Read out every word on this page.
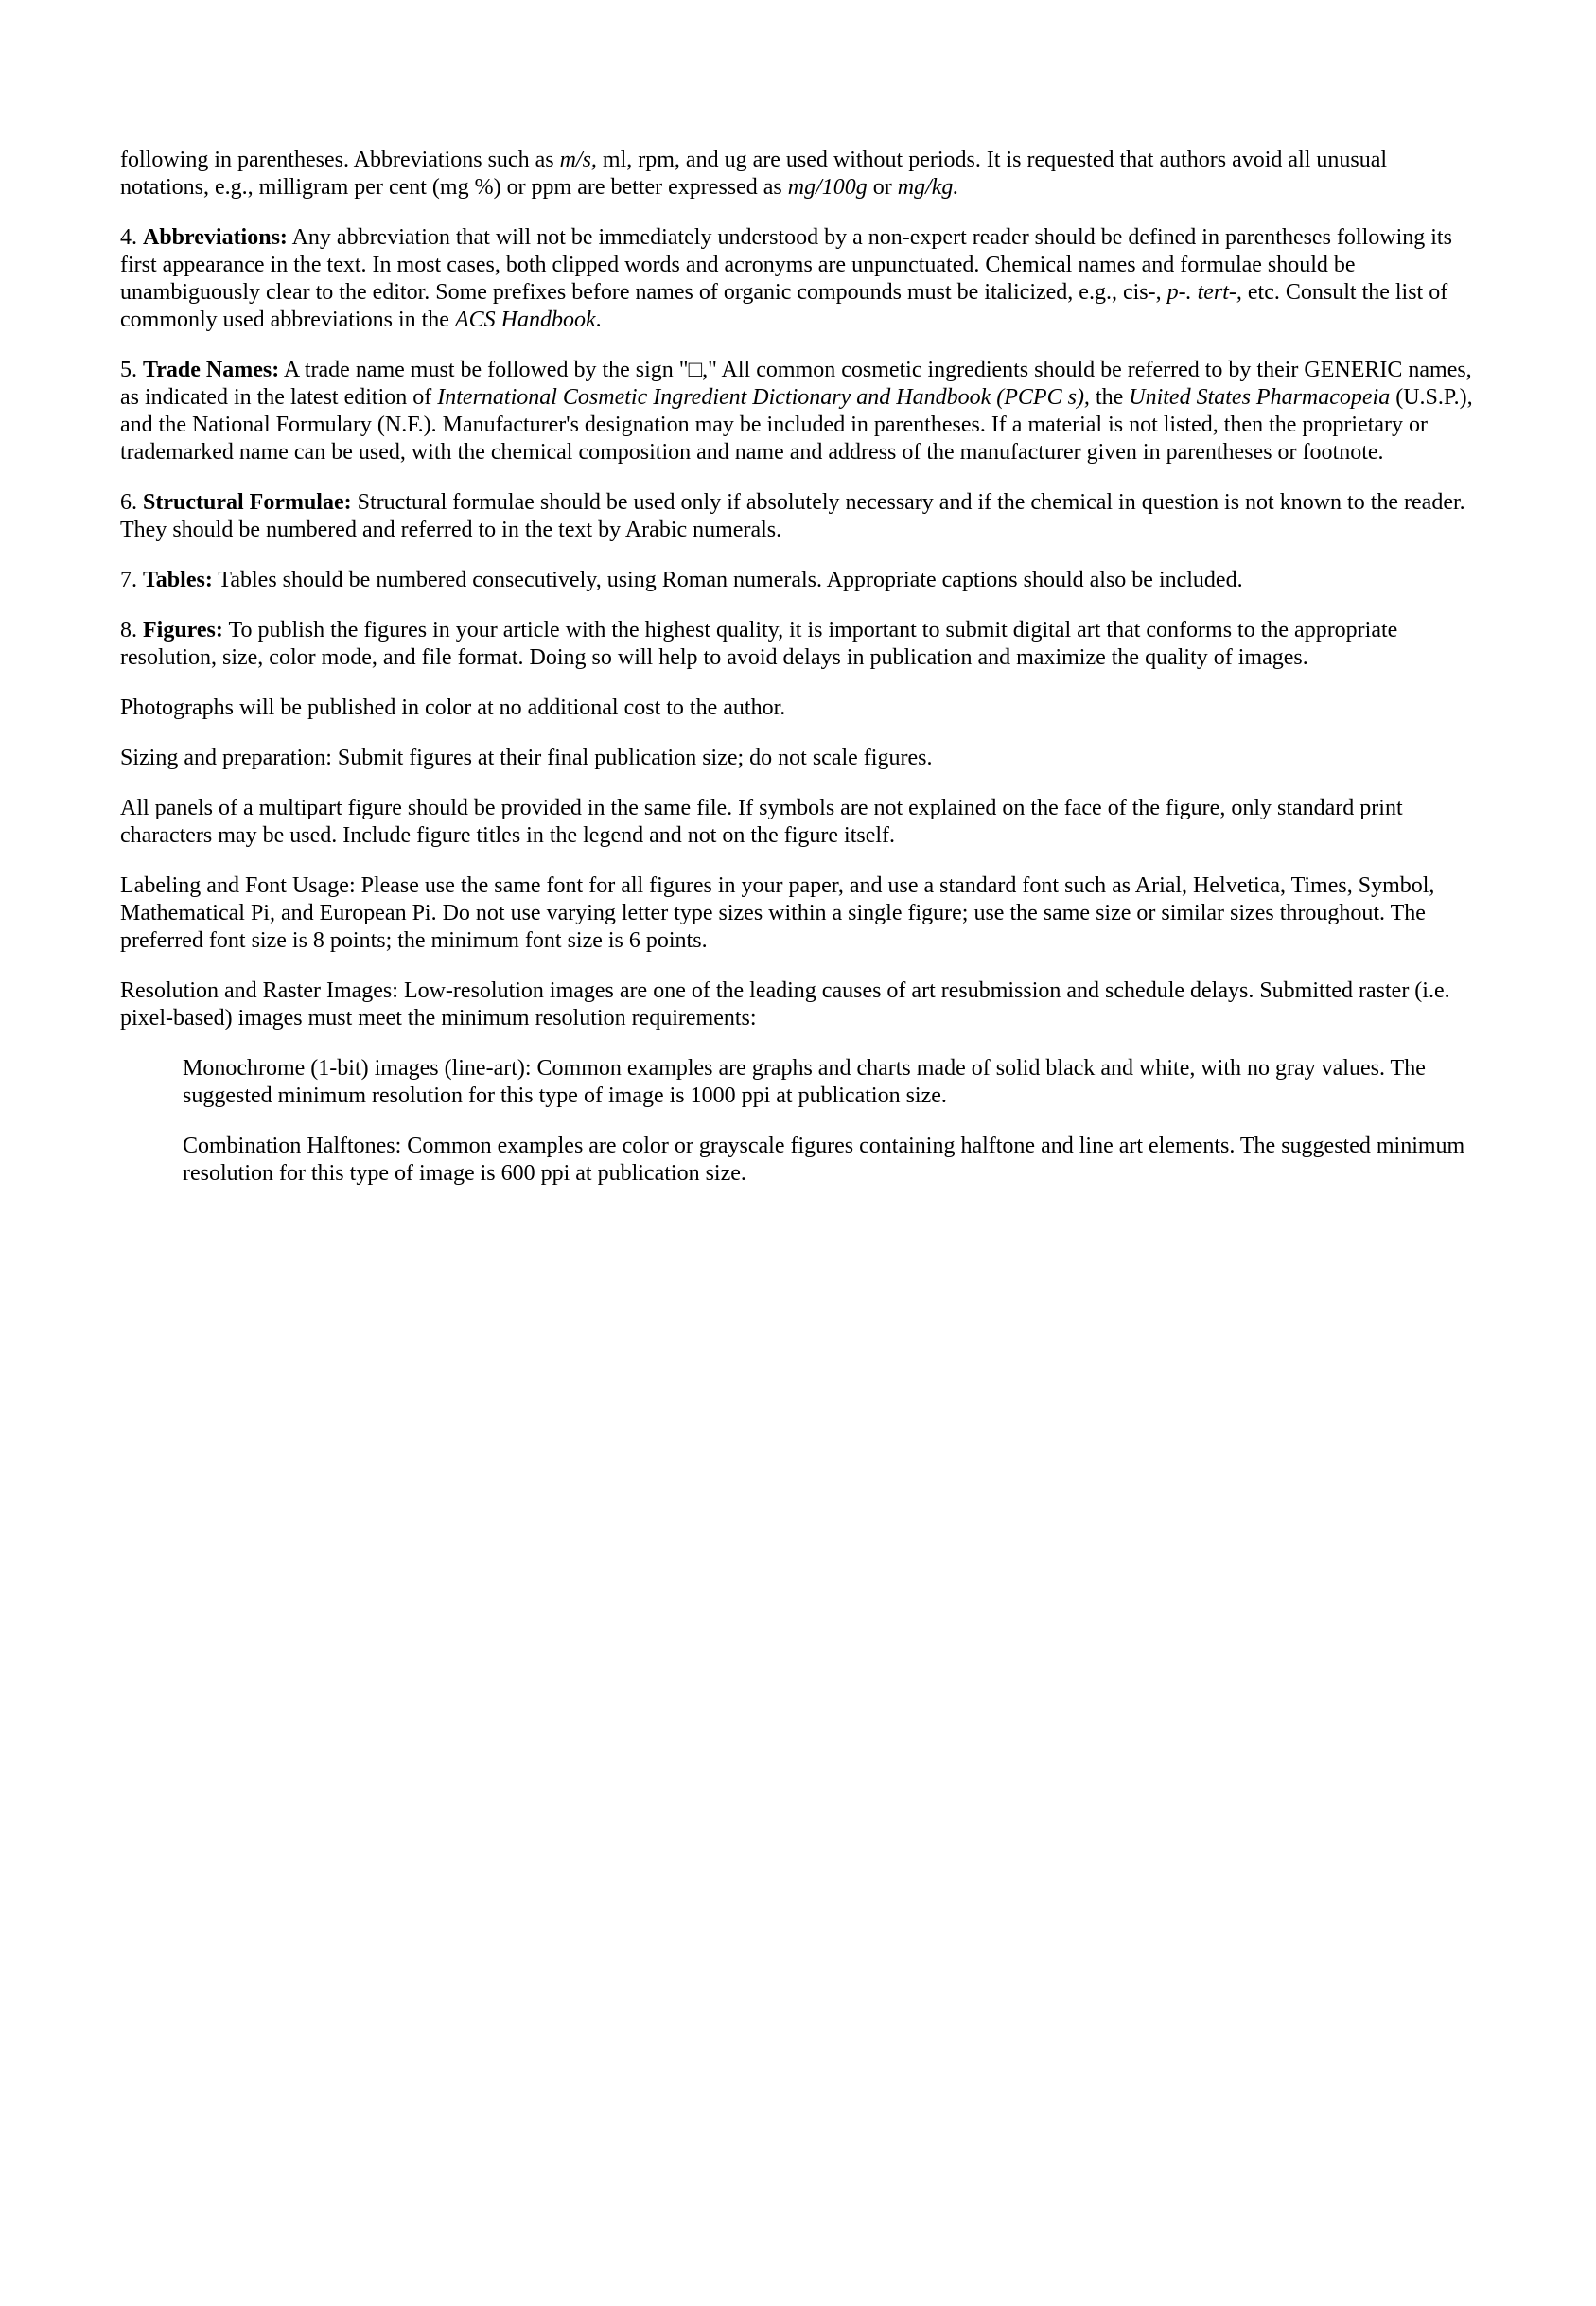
following in parentheses. Abbreviations such as m/s, ml, rpm, and ug are used without periods. It is requested that authors avoid all unusual notations, e.g., milligram per cent (mg %) or ppm are better expressed as mg/100g or mg/kg.

4. Abbreviations: Any abbreviation that will not be immediately understood by a non-expert reader should be defined in parentheses following its first appearance in the text. In most cases, both clipped words and acronyms are unpunctuated. Chemical names and formulae should be unambiguously clear to the editor. Some prefixes before names of organic compounds must be italicized, e.g., cis-, p-. tert-, etc. Consult the list of commonly used abbreviations in the ACS Handbook.

5. Trade Names: A trade name must be followed by the sign "□," All common cosmetic ingredients should be referred to by their GENERIC names, as indicated in the latest edition of International Cosmetic Ingredient Dictionary and Handbook (PCPC s), the United States Pharmacopeia (U.S.P.), and the National Formulary (N.F.). Manufacturer's designation may be included in parentheses. If a material is not listed, then the proprietary or trademarked name can be used, with the chemical composition and name and address of the manufacturer given in parentheses or footnote.

6. Structural Formulae: Structural formulae should be used only if absolutely necessary and if the chemical in question is not known to the reader. They should be numbered and referred to in the text by Arabic numerals.

7. Tables: Tables should be numbered consecutively, using Roman numerals. Appropriate captions should also be included.

8. Figures: To publish the figures in your article with the highest quality, it is important to submit digital art that conforms to the appropriate resolution, size, color mode, and file format. Doing so will help to avoid delays in publication and maximize the quality of images.

Photographs will be published in color at no additional cost to the author.

Sizing and preparation: Submit figures at their final publication size; do not scale figures.

All panels of a multipart figure should be provided in the same file. If symbols are not explained on the face of the figure, only standard print characters may be used. Include figure titles in the legend and not on the figure itself.

Labeling and Font Usage: Please use the same font for all figures in your paper, and use a standard font such as Arial, Helvetica, Times, Symbol, Mathematical Pi, and European Pi. Do not use varying letter type sizes within a single figure; use the same size or similar sizes throughout. The preferred font size is 8 points; the minimum font size is 6 points.

Resolution and Raster Images: Low-resolution images are one of the leading causes of art resubmission and schedule delays. Submitted raster (i.e. pixel-based) images must meet the minimum resolution requirements:

Monochrome (1-bit) images (line-art): Common examples are graphs and charts made of solid black and white, with no gray values. The suggested minimum resolution for this type of image is 1000 ppi at publication size.

Combination Halftones: Common examples are color or grayscale figures containing halftone and line art elements. The suggested minimum resolution for this type of image is 600 ppi at publication size.
